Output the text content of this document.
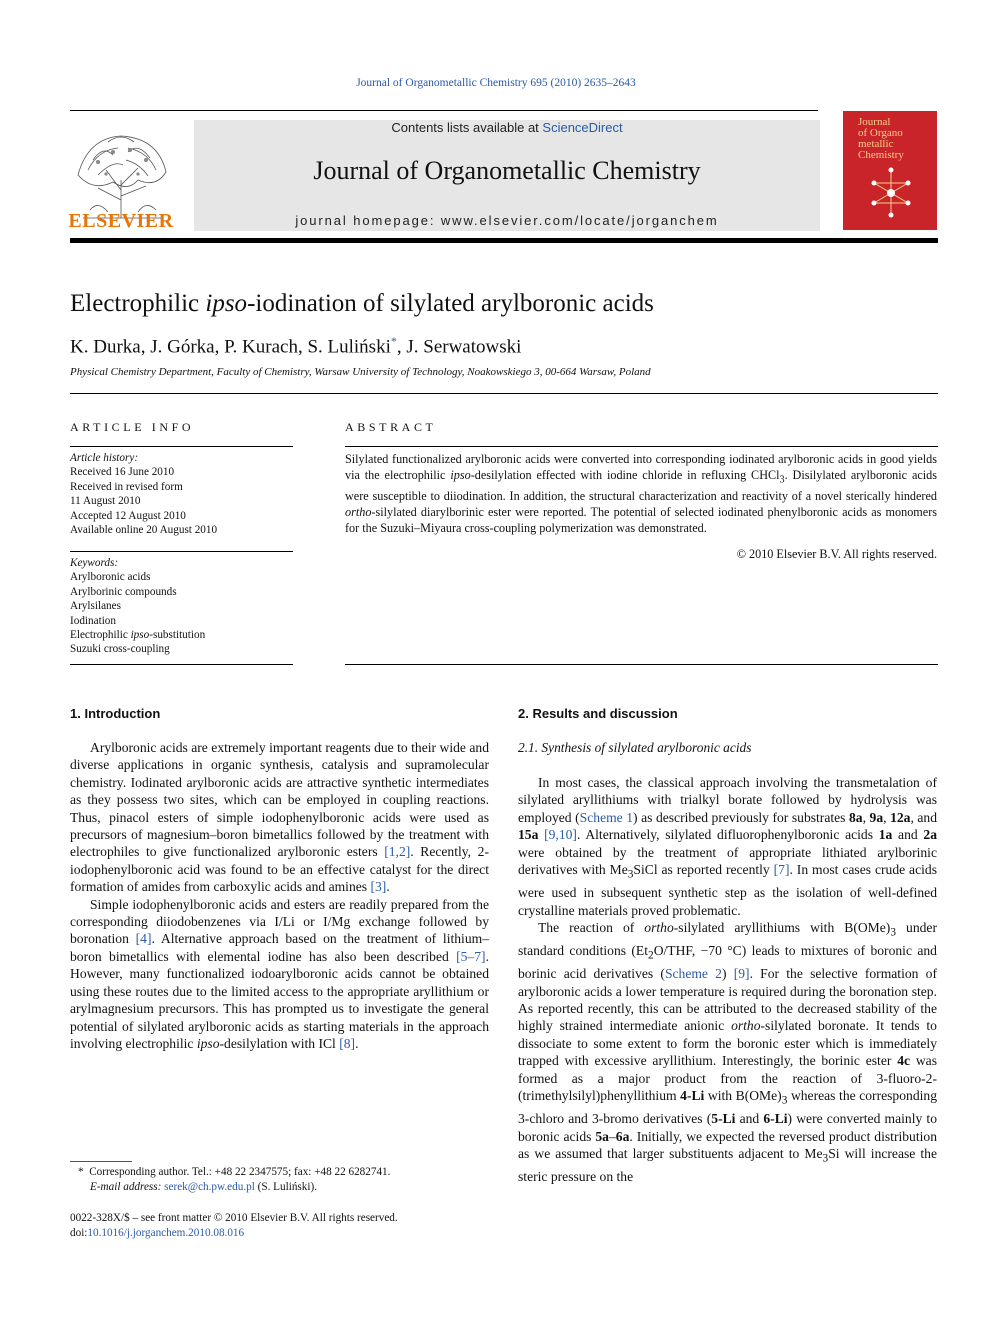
Journal of Organometallic Chemistry 695 (2010) 2635–2643
ELSEVIER
Contents lists available at ScienceDirect
Journal of Organometallic Chemistry
journal homepage: www.elsevier.com/locate/jorganchem
Journal
of Organo
metallic
Chemistry
Electrophilic ipso-iodination of silylated arylboronic acids
K. Durka, J. Górka, P. Kurach, S. Luliński*, J. Serwatowski
Physical Chemistry Department, Faculty of Chemistry, Warsaw University of Technology, Noakowskiego 3, 00-664 Warsaw, Poland
ARTICLE INFO
Article history:
Received 16 June 2010
Received in revised form
11 August 2010
Accepted 12 August 2010
Available online 20 August 2010
Keywords:
Arylboronic acids
Arylborinic compounds
Arylsilanes
Iodination
Electrophilic ipso-substitution
Suzuki cross-coupling
ABSTRACT
Silylated functionalized arylboronic acids were converted into corresponding iodinated arylboronic acids in good yields via the electrophilic ipso-desilylation effected with iodine chloride in refluxing CHCl$_3$. Disilylated arylboronic acids were susceptible to diiodination. In addition, the structural characterization and reactivity of a novel sterically hindered ortho-silylated diarylborinic ester were reported. The potential of selected iodinated phenylboronic acids as monomers for the Suzuki–Miyaura cross-coupling polymerization was demonstrated.
© 2010 Elsevier B.V. All rights reserved.
1. Introduction

Arylboronic acids are extremely important reagents due to their wide and diverse applications in organic synthesis, catalysis and supramolecular chemistry. Iodinated arylboronic acids are attractive synthetic intermediates as they possess two sites, which can be employed in coupling reactions. Thus, pinacol esters of simple iodophenylboronic acids were used as precursors of magnesium–boron bimetallics followed by the treatment with electrophiles to give functionalized arylboronic esters [1,2]. Recently, 2-iodophenylboronic acid was found to be an effective catalyst for the direct formation of amides from carboxylic acids and amines [3].

Simple iodophenylboronic acids and esters are readily prepared from the corresponding diiodobenzenes via I/Li or I/Mg exchange followed by boronation [4]. Alternative approach based on the treatment of lithium–boron bimetallics with elemental iodine has also been described [5–7]. However, many functionalized iodoarylboronic acids cannot be obtained using these routes due to the limited access to the appropriate aryllithium or arylmagnesium precursors. This has prompted us to investigate the general potential of silylated arylboronic acids as starting materials in the approach involving electrophilic ipso-desilylation with ICl [8].

* Corresponding author. Tel.: +48 22 2347575; fax: +48 22 6282741.
E-mail address: serek@ch.pw.edu.pl (S. Luliński).
0022-328X/$ – see front matter © 2010 Elsevier B.V. All rights reserved.
doi:10.1016/j.jorganchem.2010.08.016
2. Results and discussion
2.1. Synthesis of silylated arylboronic acids

In most cases, the classical approach involving the transmetalation of silylated aryllithiums with trialkyl borate followed by hydrolysis was employed (Scheme 1) as described previously for substrates 8a, 9a, 12a, and 15a [9,10]. Alternatively, silylated difluorophenylboronic acids 1a and 2a were obtained by the treatment of appropriate lithiated arylborinic derivatives with $Me_3SiCl$ as reported recently [7]. In most cases crude acids were used in subsequent synthetic step as the isolation of well-defined crystalline materials proved problematic.

The reaction of ortho-silylated aryllithiums with $B(OMe)_3$ under standard conditions ($Et_2O$/THF, −70 °C) leads to mixtures of boronic and borinic acid derivatives (Scheme 2) [9]. For the selective formation of arylboronic acids a lower temperature is required during the boronation step. As reported recently, this can be attributed to the decreased stability of the highly strained intermediate anionic ortho-silylated boronate. It tends to dissociate to some extent to form the boronic ester which is immediately trapped with excessive aryllithium. Interestingly, the borinic ester 4c was formed as a major product from the reaction of 3-fluoro-2-(trimethylsilyl)phenyllithium 4-Li with $B(OMe)_3$ whereas the corresponding 3-chloro and 3-bromo derivatives (5-Li and 6-Li) were converted mainly to boronic acids 5a–6a. Initially, we expected the reversed product distribution as we assumed that larger substituents adjacent to $Me_3Si$ will increase the steric pressure on the
